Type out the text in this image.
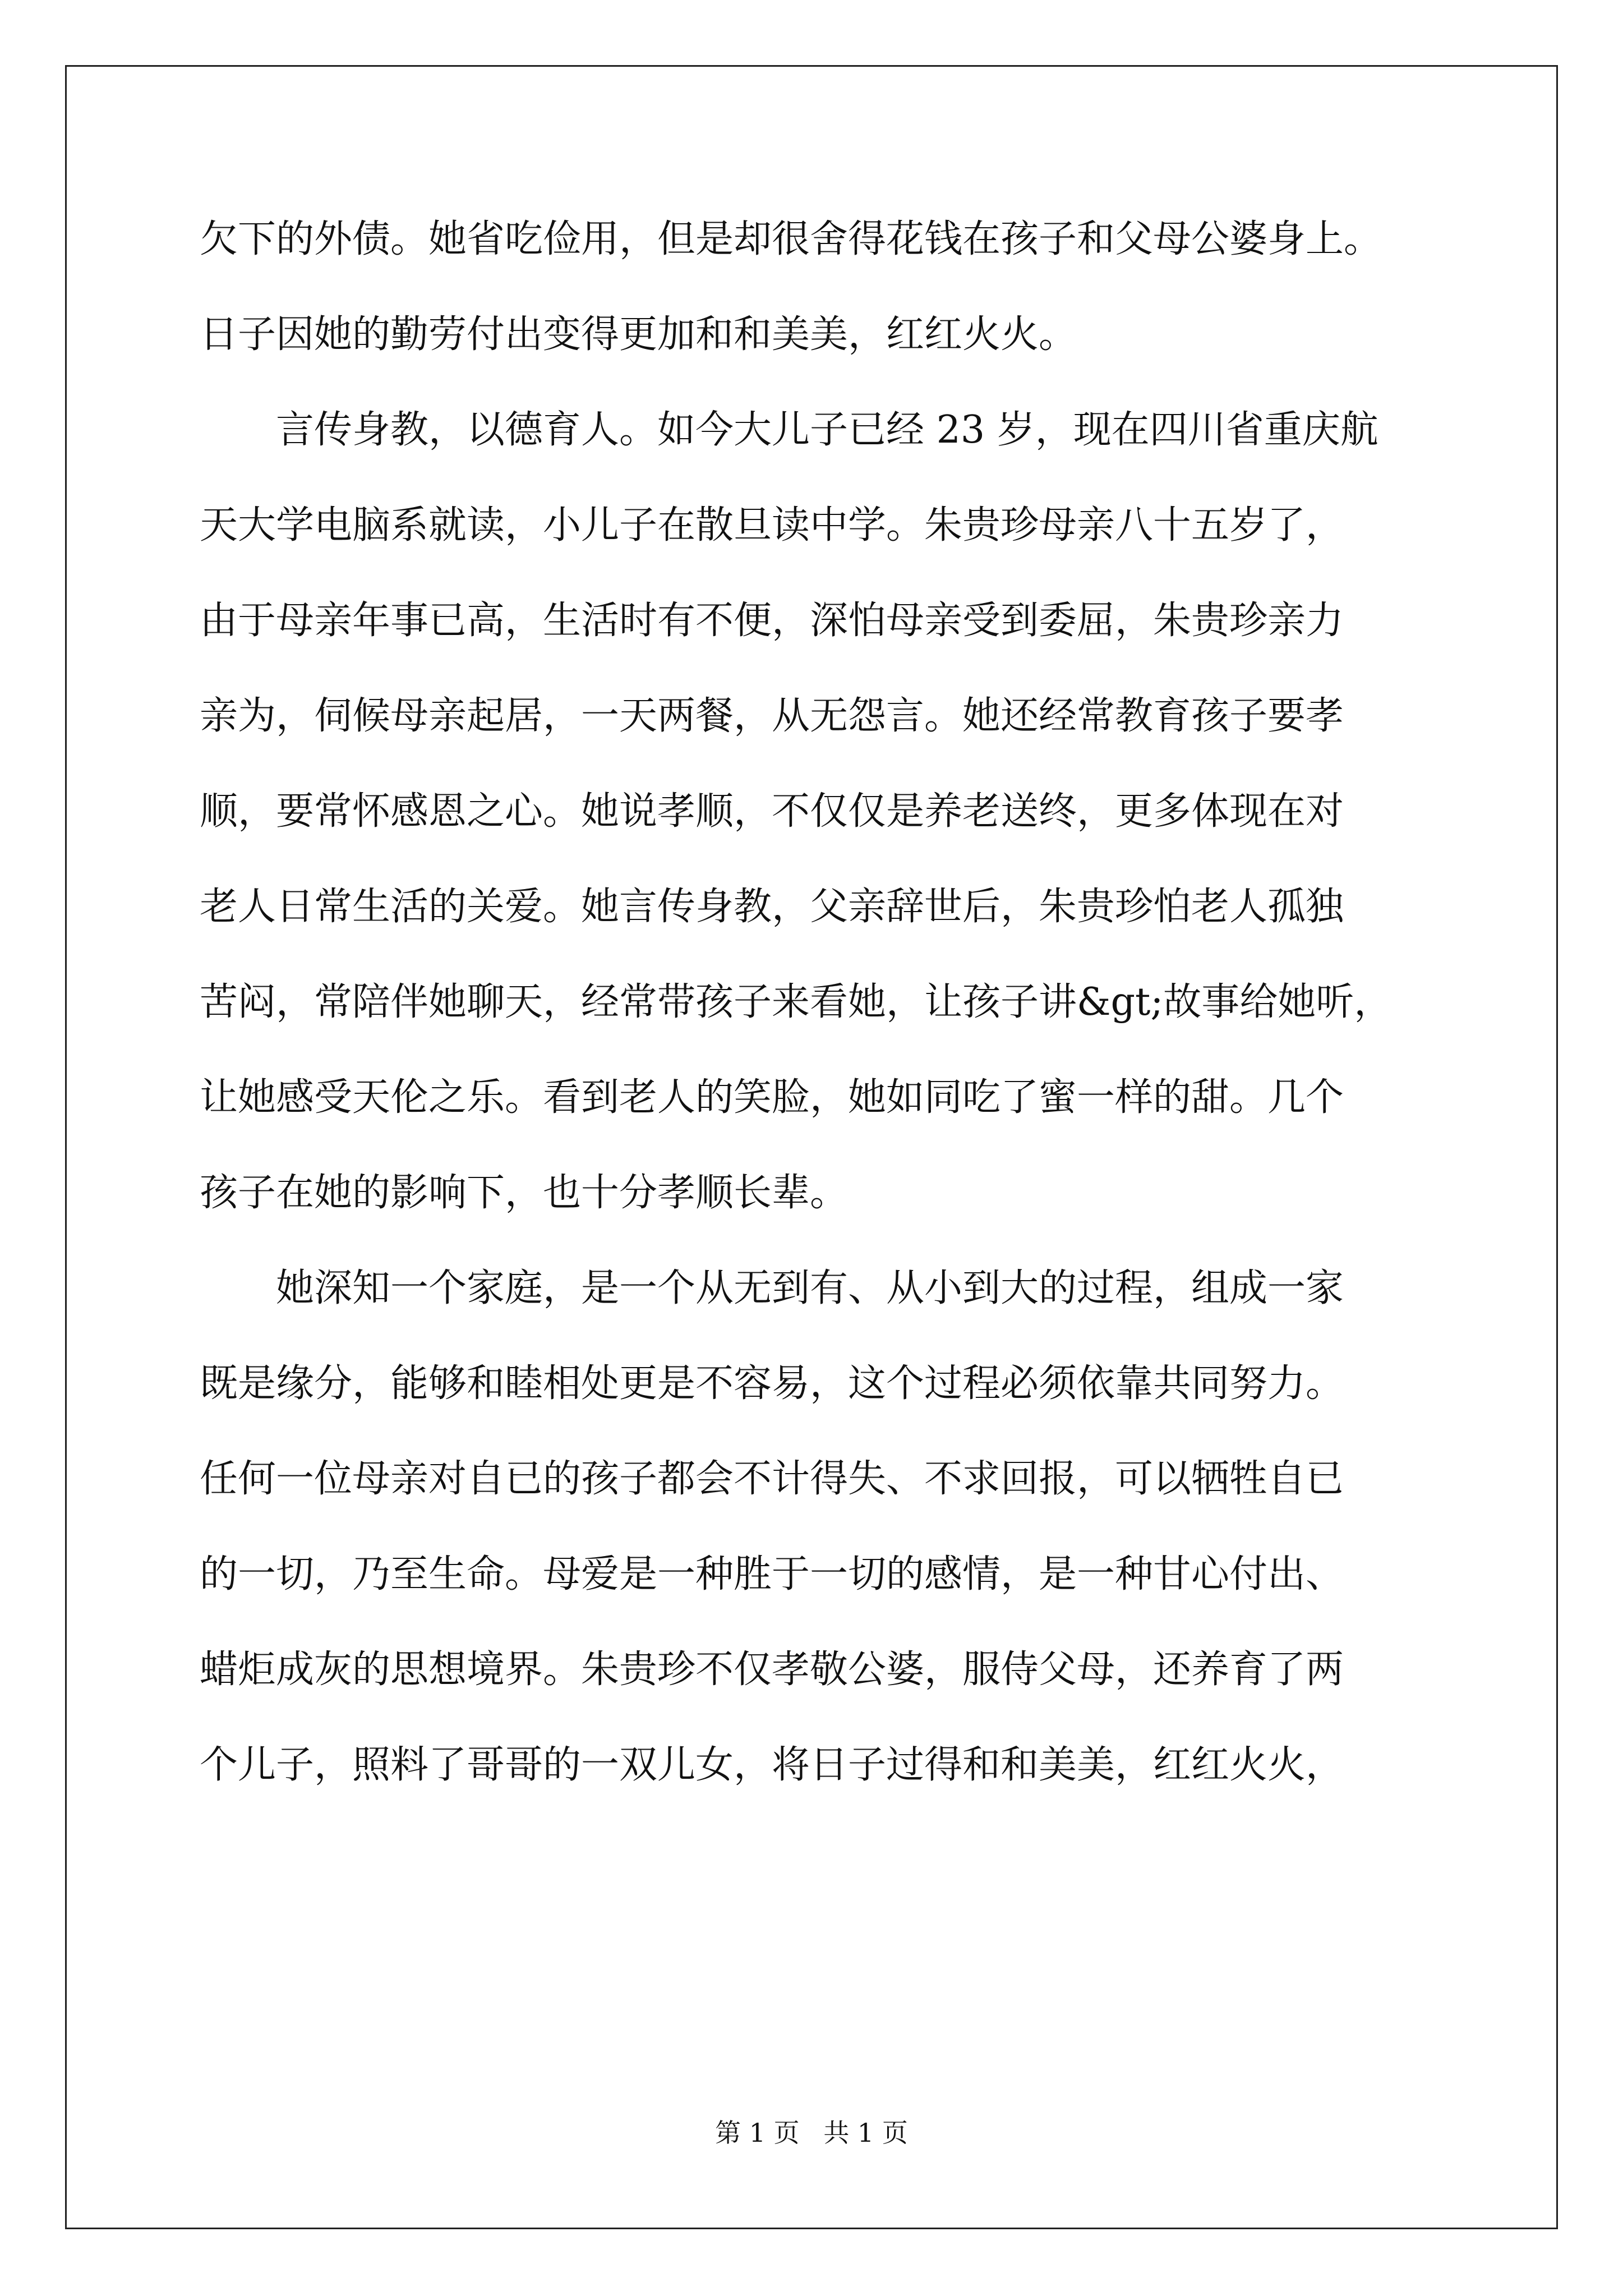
欠下的外债。她省吃俭用，但是却很舍得花钱在孩子和父母公婆身上。
日子因她的勤劳付出变得更加和和美美，红红火火。
言传身教，以德育人。如今大儿子已经 23 岁，现在四川省重庆航
天大学电脑系就读，小儿子在散旦读中学。朱贵珍母亲八十五岁了，
由于母亲年事已高，生活时有不便，深怕母亲受到委屈，朱贵珍亲力
亲为，伺候母亲起居，一天两餐，从无怨言。她还经常教育孩子要孝
顺，要常怀感恩之心。她说孝顺，不仅仅是养老送终，更多体现在对
老人日常生活的关爱。她言传身教，父亲辞世后，朱贵珍怕老人孤独
苦闷，常陪伴她聊天，经常带孩子来看她，让孩子讲&gt;故事给她听，
让她感受天伦之乐。看到老人的笑脸，她如同吃了蜜一样的甜。几个
孩子在她的影响下，也十分孝顺长辈。
她深知一个家庭，是一个从无到有、从小到大的过程，组成一家
既是缘分，能够和睦相处更是不容易，这个过程必须依靠共同努力。
任何一位母亲对自已的孩子都会不计得失、不求回报，可以牺牲自已
的一切，乃至生命。母爱是一种胜于一切的感情，是一种甘心付出、
蜡炬成灰的思想境界。朱贵珍不仅孝敬公婆，服侍父母，还养育了两
个儿子，照料了哥哥的一双儿女，将日子过得和和美美，红红火火，
第 1 页 共 1 页
